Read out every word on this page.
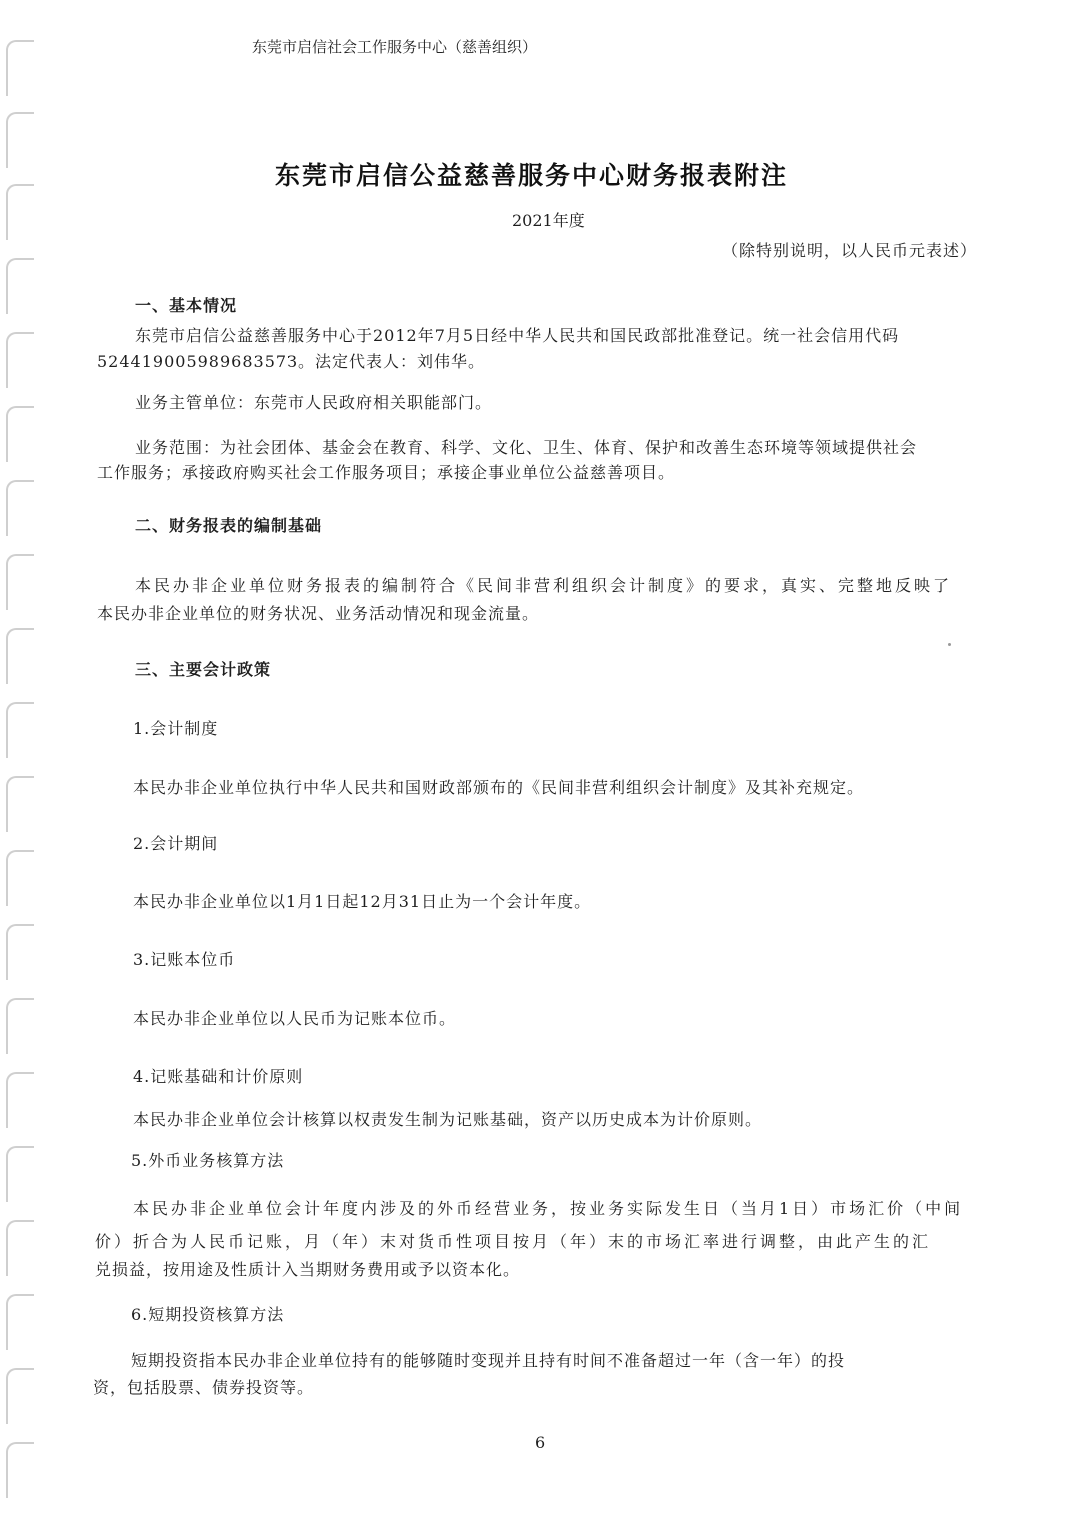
东莞市启信社会工作服务中心（慈善组织）
东莞市启信公益慈善服务中心财务报表附注
2021年度
（除特别说明，以人民币元表述）
一、基本情况
东莞市启信公益慈善服务中心于2012年7月5日经中华人民共和国民政部批准登记。统一社会信用代码
52441900598968357З。法定代表人：刘伟华。
业务主管单位：东莞市人民政府相关职能部门。
业务范围：为社会团体、基金会在教育、科学、文化、卫生、体育、保护和改善生态环境等领域提供社会
工作服务；承接政府购买社会工作服务项目；承接企事业单位公益慈善项目。
二、财务报表的编制基础
本民办非企业单位财务报表的编制符合《民间非营利组织会计制度》的要求，真实、完整地反映了
本民办非企业单位的财务状况、业务活动情况和现金流量。
三、主要会计政策
1.会计制度
本民办非企业单位执行中华人民共和国财政部颁布的《民间非营利组织会计制度》及其补充规定。
2.会计期间
本民办非企业单位以1月1日起12月31日止为一个会计年度。
3.记账本位币
本民办非企业单位以人民币为记账本位币。
4.记账基础和计价原则
本民办非企业单位会计核算以权责发生制为记账基础，资产以历史成本为计价原则。
5.外币业务核算方法
本民办非企业单位会计年度内涉及的外币经营业务，按业务实际发生日（当月1日）市场汇价（中间
价）折合为人民币记账，月（年）末对货币性项目按月（年）末的市场汇率进行调整，由此产生的汇
兑损益，按用途及性质计入当期财务费用或予以资本化。
6.短期投资核算方法
短期投资指本民办非企业单位持有的能够随时变现并且持有时间不准备超过一年（含一年）的投
资，包括股票、债券投资等。
6
